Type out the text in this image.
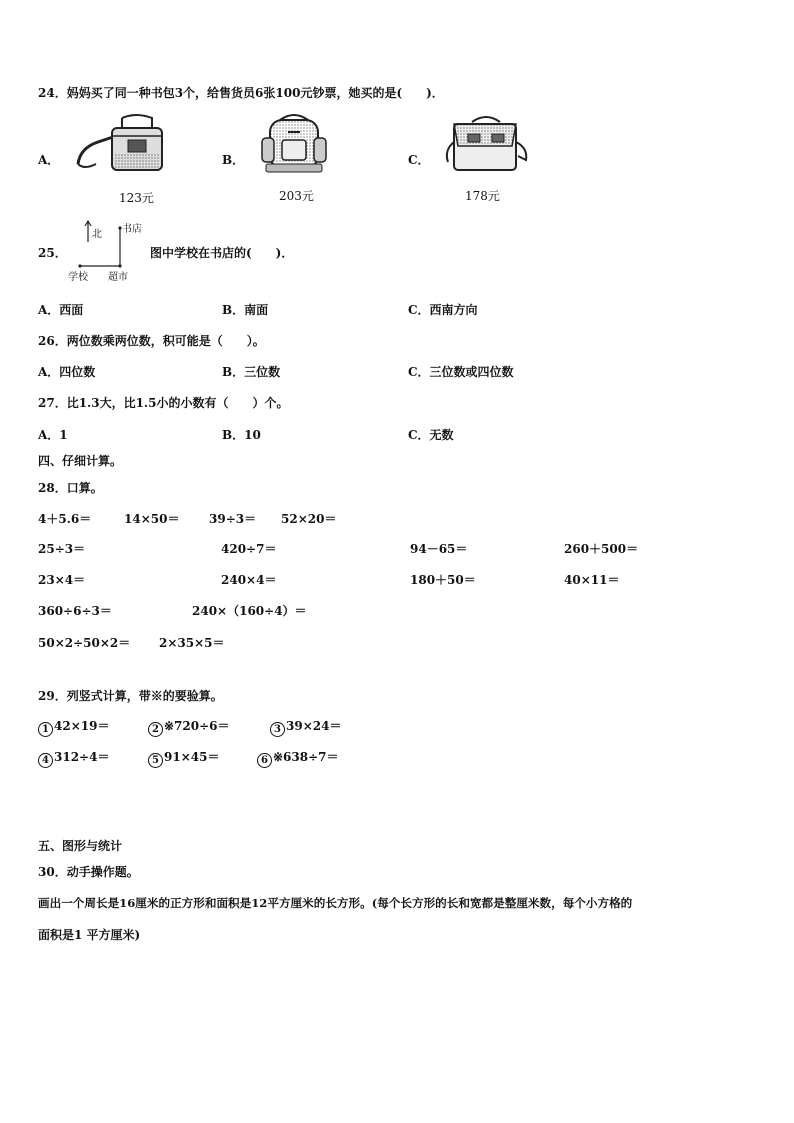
24．妈妈买了同一种书包3个，给售货员6张100元钞票，她买的是(　　)．
A．
123元
B．
203元
C．
178元
25．
北 书店
学校 超市
图中学校在书店的(　　)．
A．西面	B．南面	C．西南方向
26．两位数乘两位数，积可能是（　　）。
A．四位数	B．三位数	C．三位数或四位数
27．比1.3大，比1.5小的小数有（　　）个。
A．1	B．10	C．无数
四、仔细计算。
28．口算。
4＋5.6＝	14×50＝ 39÷3＝ 52×20＝
25÷3＝	420÷7＝	94－65＝	260＋500＝
23×4＝	240×4＝	180＋50＝	40×11＝
360÷6÷3＝	240×（160÷4）＝
50×2÷50×2＝ 2×35×5＝
29．列竖式计算，带※的要验算。
1 42×19＝	2 ※720÷6＝	3 39×24＝
4 312÷4＝	5 91×45＝	6 ※638÷7＝
五、图形与统计
30．动手操作题。
画出一个周长是16厘米的正方形和面积是12平方厘米的长方形。(每个长方形的长和宽都是整厘米数，每个小方格的
面积是1 平方厘米)
